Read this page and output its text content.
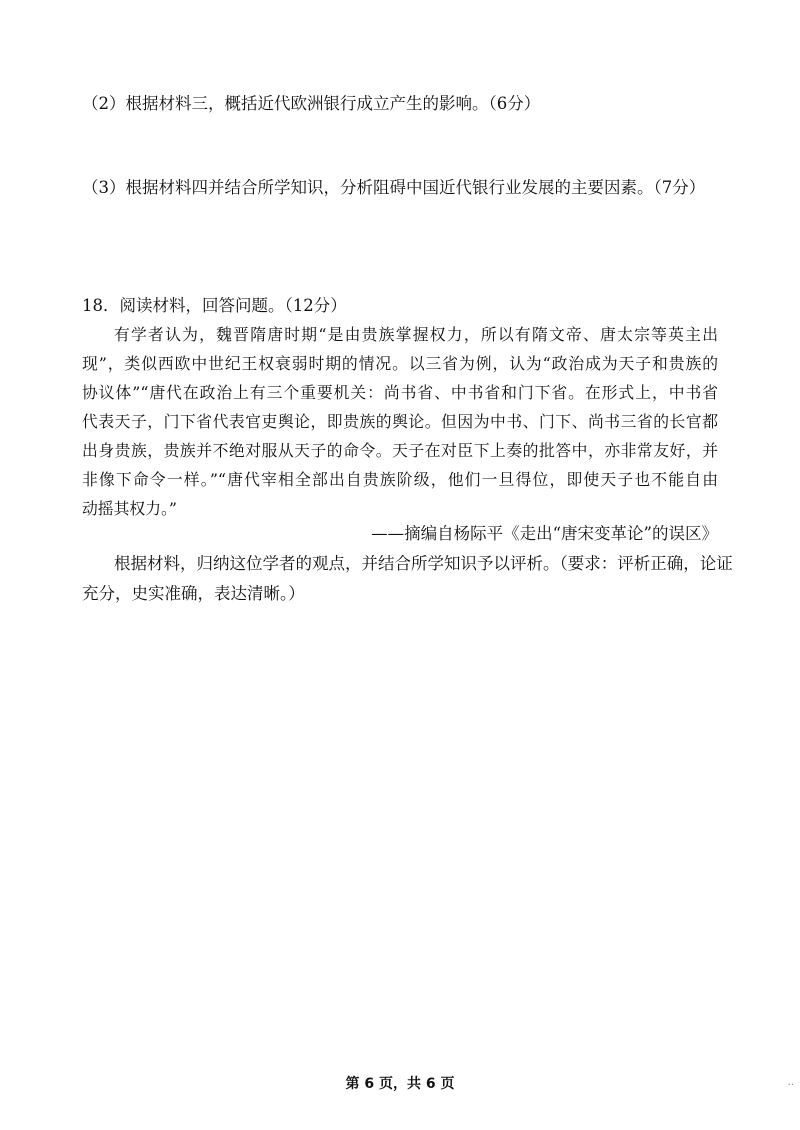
（2）根据材料三，概括近代欧洲银行成立产生的影响。（6分）
（3）根据材料四并结合所学知识，分析阻碍中国近代银行业发展的主要因素。（7分）
18．阅读材料，回答问题。（12分）
有学者认为，魏晋隋唐时期“是由贵族掌握权力，所以有隋文帝、唐太宗等英主出
现”，类似西欧中世纪王权衰弱时期的情况。以三省为例，认为“政治成为天子和贵族的
协议体”“唐代在政治上有三个重要机关：尚书省、中书省和门下省。在形式上，中书省
代表天子，门下省代表官吏舆论，即贵族的舆论。但因为中书、门下、尚书三省的长官都
出身贵族，贵族并不绝对服从天子的命令。天子在对臣下上奏的批答中，亦非常友好，并
非像下命令一样。”“唐代宰相全部出自贵族阶级，他们一旦得位，即使天子也不能自由
动摇其权力。”
——摘编自杨际平《走出“唐宋变革论”的误区》
根据材料，归纳这位学者的观点，并结合所学知识予以评析。（要求：评析正确，论证
充分，史实准确，表达清晰。）
第 6 页，共 6 页	··
